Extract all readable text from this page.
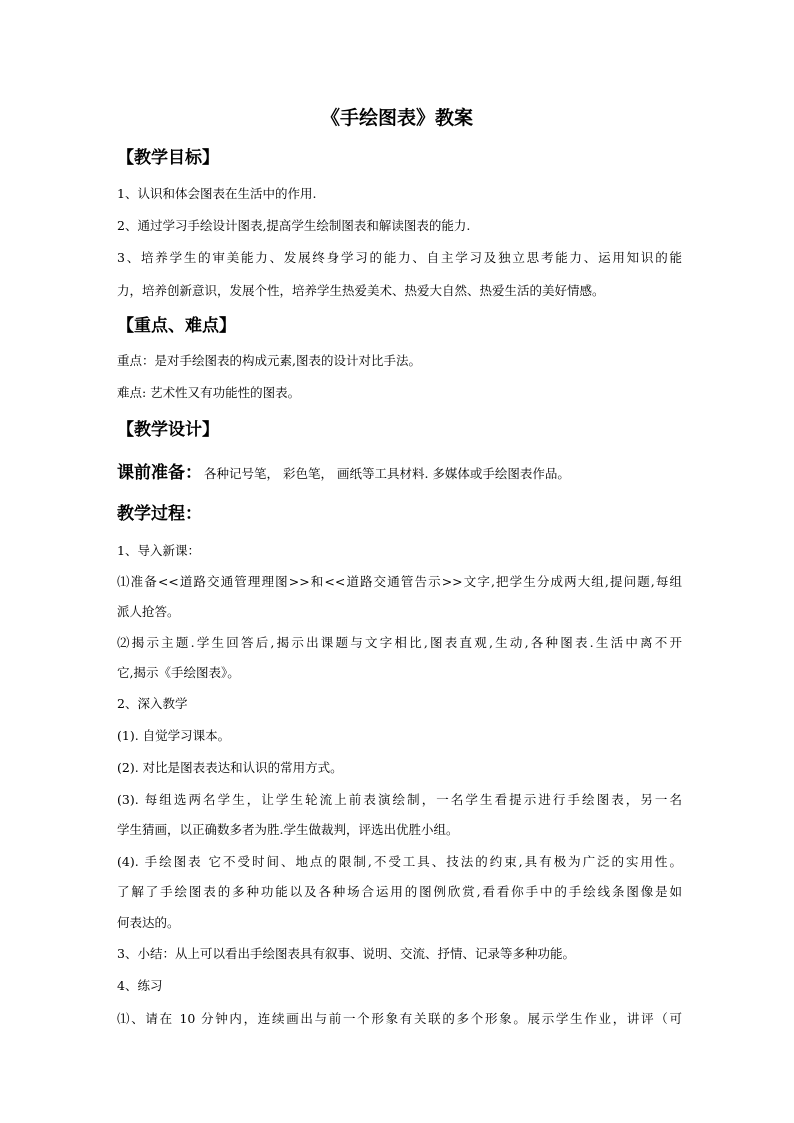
《手绘图表》教案
【教学目标】
1、认识和体会图表在生活中的作用.
2、通过学习手绘设计图表,提高学生绘制图表和解读图表的能力.
3、培养学生的审美能力、发展终身学习的能力、自主学习及独立思考能力、运用知识的能
力，培养创新意识，发展个性，培养学生热爱美术、热爱大自然、热爱生活的美好情感。
【重点、难点】
重点：是对手绘图表的构成元素,图表的设计对比手法。
难点: 艺术性又有功能性的图表。
【教学设计】
课前准备： 各种记号笔， 彩色笔， 画纸等工具材料. 多媒体或手绘图表作品。
教学过程：
1、导入新课：
⑴准备<<道路交通管理理图>>和<<道路交通管告示>>文字,把学生分成两大组,提问题,每组
派人抢答。
⑵揭示主题.学生回答后,揭示出课题与文字相比,图表直观,生动,各种图表.生活中离不开
它,揭示《手绘图表》。
2、深入教学
(1). 自觉学习课本。
(2). 对比是图表表达和认识的常用方式。
(3). 每组选两名学生，让学生轮流上前表演绘制，一名学生看提示进行手绘图表，另一名
学生猜画，以正确数多者为胜.学生做裁判，评选出优胜小组。
(4). 手绘图表 它不受时间、地点的限制,不受工具、技法的约束,具有极为广泛的实用性。
了解了手绘图表的多种功能以及各种场合运用的图例欣赏,看看你手中的手绘线条图像是如
何表达的。
3、小结：从上可以看出手绘图表具有叙事、说明、交流、抒情、记录等多种功能。
4、练习
⑴、请在 10 分钟内，连续画出与前一个形象有关联的多个形象。展示学生作业，讲评（可
